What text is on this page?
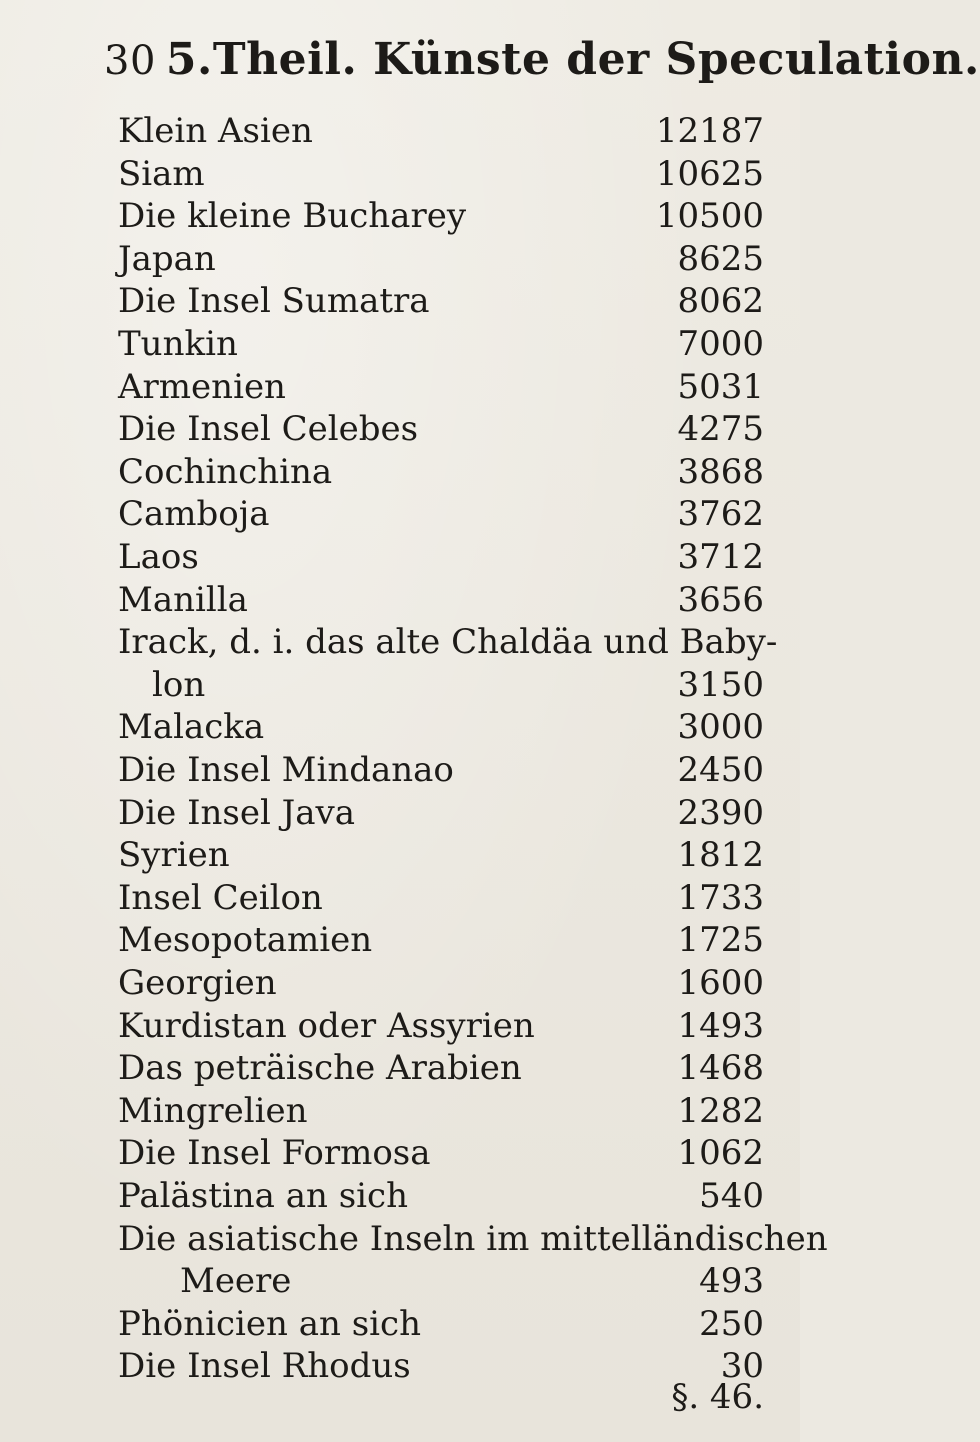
30 5.Theil. Künste der Speculation.
Klein Asien	12187
Siam	10625
Die kleine Bucharey	10500
Japan	8625
Die Insel Sumatra	8062
Tunkin	7000
Armenien	5031
Die Insel Celebes	4275
Cochinchina	3868
Camboja	3762
Laos	3712
Manilla	3656
Irack, d. i. das alte Chaldäa und Baby-
lon	3150
Malacka	3000
Die Insel Mindanao	2450
Die Insel Java	2390
Syrien	1812
Insel Ceilon	1733
Mesopotamien	1725
Georgien	1600
Kurdistan oder Assyrien	1493
Das peträische Arabien	1468
Mingrelien	1282
Die Insel Formosa	1062
Palästina an sich	540
Die asiatische Inseln im mittelländischen
Meere	493
Phönicien an sich	250
Die Insel Rhodus	30
§. 46.
